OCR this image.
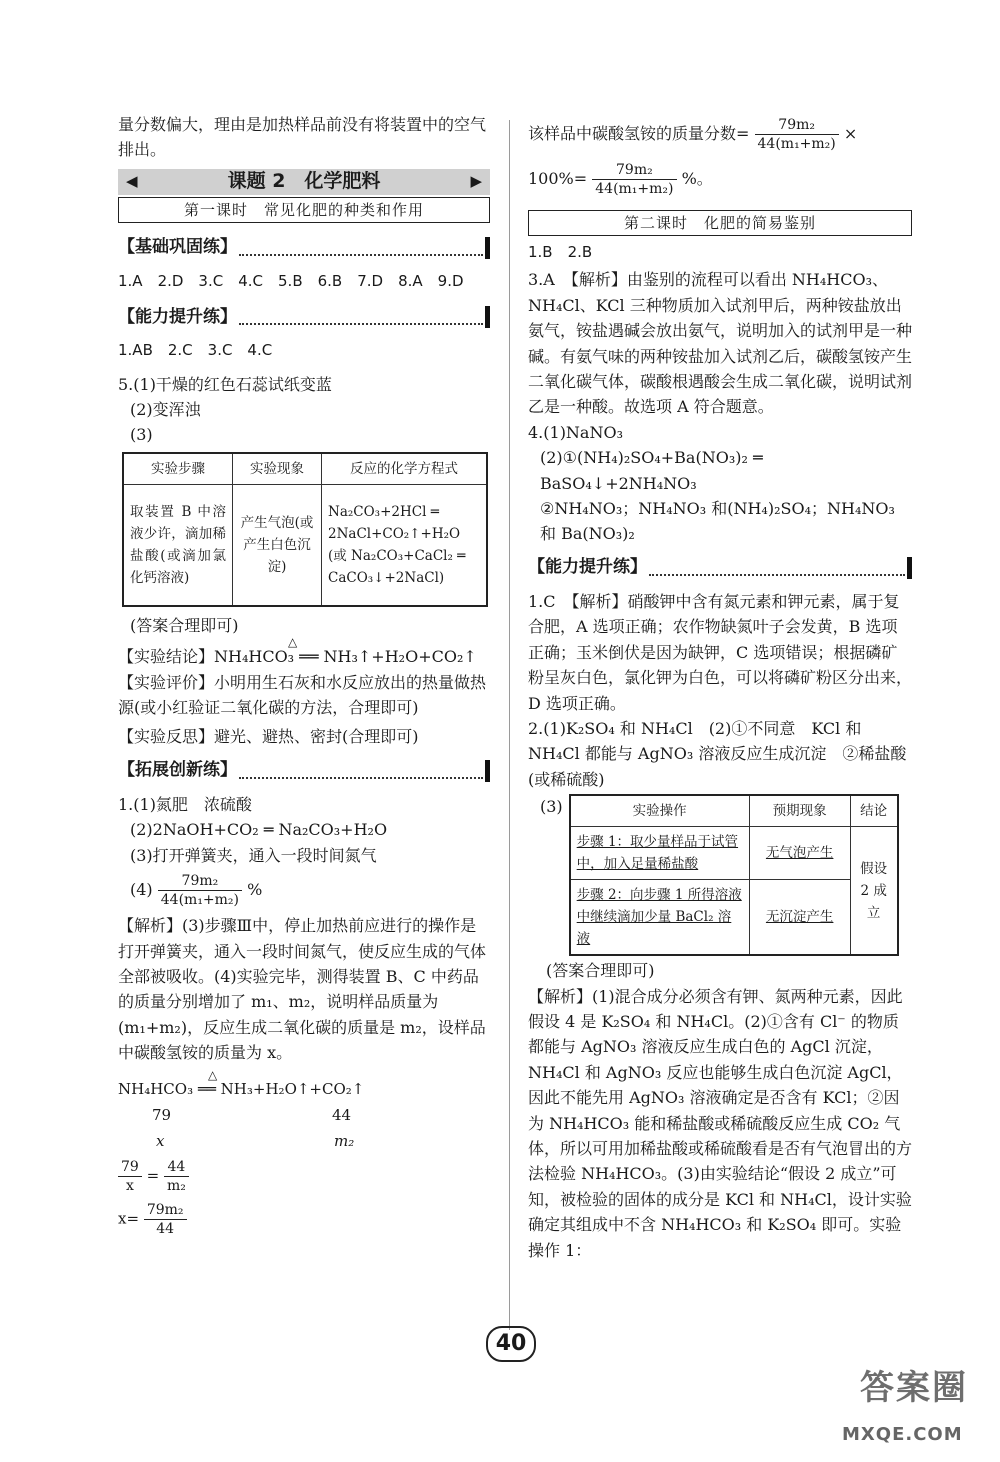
量分数偏大，理由是加热样品前没有将装置中的空气排出。

◀	课题 2　化学肥料	▶
第一课时　常见化肥的种类和作用
【基础巩固练】

1.A　2.D　3.C　4.C　5.B　6.B　7.D　8.A　9.D

【能力提升练】

1.AB　2.C　3.C　4.C

5.(1)干燥的红色石蕊试纸变蓝

(2)变浑浊

(3)

实验步骤	实验现象	反应的化学方程式
取装置 B 中溶液少许，滴加稀盐酸(或滴加氯化钙溶液)	产生气泡(或产生白色沉淀)	Na₂CO₃+2HCl ═ 2NaCl+CO₂↑+H₂O
(或 Na₂CO₃+CaCl₂ ═ CaCO₃↓+2NaCl)

(答案合理即可)

△
【实验结论】NH₄HCO₃ ══ NH₃↑+H₂O+CO₂↑

【实验评价】小明用生石灰和水反应放出的热量做热源(或小红验证二氧化碳的方法，合理即可)

【实验反思】避光、避热、密封(合理即可)

【拓展创新练】

1.(1)氮肥　浓硫酸

(2)2NaOH+CO₂ ═ Na₂CO₃+H₂O

(3)打开弹簧夹，通入一段时间氮气

$(4) \frac{\text{79m₂}}{\text{44(m₁+m₂)}}$ %

【解析】(3)步骤Ⅲ中，停止加热前应进行的操作是打开弹簧夹，通入一段时间氮气，使反应生成的气体全部被吸收。(4)实验完毕，测得装置 B、C 中药品的质量分别增加了 m₁、m₂，说明样品质量为(m₁+m₂)，反应生成二氧化碳的质量是 m₂，设样品中碳酸氢铵的质量为 x。

△
NH₄HCO₃ ══ NH₃+H₂O↑+CO₂↑
79	44
x	m₂
$\frac{79}{x} = \frac{44}{\text{m₂}}$
$x= \frac{\text{79m₂}}{44}$

该样品中碳酸氢铵的质量分数= $\frac{\text{79m₂}}{\text{44(m₁+m₂)}}$ ×

$100\%= \frac{\text{79m₂}}{\text{44(m₁+m₂)}}$ %。

第二课时　化肥的简易鉴别

1.B　2.B

3.A　【解析】由鉴别的流程可以看出 NH₄HCO₃、NH₄Cl、KCl 三种物质加入试剂甲后，两种铵盐放出氨气，铵盐遇碱会放出氨气，说明加入的试剂甲是一种碱。有氨气味的两种铵盐加入试剂乙后，碳酸氢铵产生二氧化碳气体，碳酸根遇酸会生成二氧化碳，说明试剂乙是一种酸。故选项 A 符合题意。

4.(1)NaNO₃

(2)①(NH₄)₂SO₄+Ba(NO₃)₂ ═ BaSO₄↓+2NH₄NO₃

②NH₄NO₃；NH₄NO₃ 和(NH₄)₂SO₄；NH₄NO₃ 和 Ba(NO₃)₂

【能力提升练】

1.C　【解析】硝酸钾中含有氮元素和钾元素，属于复合肥，A 选项正确；农作物缺氮叶子会发黄，B 选项正确；玉米倒伏是因为缺钾，C 选项错误；根据磷矿粉呈灰白色，氯化钾为白色，可以将磷矿粉区分出来，D 选项正确。

2.(1)K₂SO₄ 和 NH₄Cl　(2)①不同意　KCl 和 NH₄Cl 都能与 AgNO₃ 溶液反应生成沉淀　②稀盐酸(或稀硫酸)

(3)	实验操作	预期现象	结论
步骤 1：取少量样品于试管中，加入足量稀盐酸	无气泡产生	假设 2 成立
步骤 2：向步骤 1 所得溶液中继续滴加少量 BaCl₂ 溶液	无沉淀产生	

(答案合理即可)

【解析】(1)混合成分必须含有钾、氮两种元素，因此假设 4 是 K₂SO₄ 和 NH₄Cl。(2)①含有 Cl⁻ 的物质都能与 AgNO₃ 溶液反应生成白色的 AgCl 沉淀，NH₄Cl 和 AgNO₃ 反应也能够生成白色沉淀 AgCl，因此不能先用 AgNO₃ 溶液确定是否含有 KCl；②因为 NH₄HCO₃ 能和稀盐酸或稀硫酸反应生成 CO₂ 气体，所以可用加稀盐酸或稀硫酸看是否有气泡冒出的方法检验 NH₄HCO₃。(3)由实验结论“假设 2 成立”可知，被检验的固体的成分是 KCl 和 NH₄Cl，设计实验确定其组成中不含 NH₄HCO₃ 和 K₂SO₄ 即可。实验操作 1：

40
答案圈
MXQE.COM
